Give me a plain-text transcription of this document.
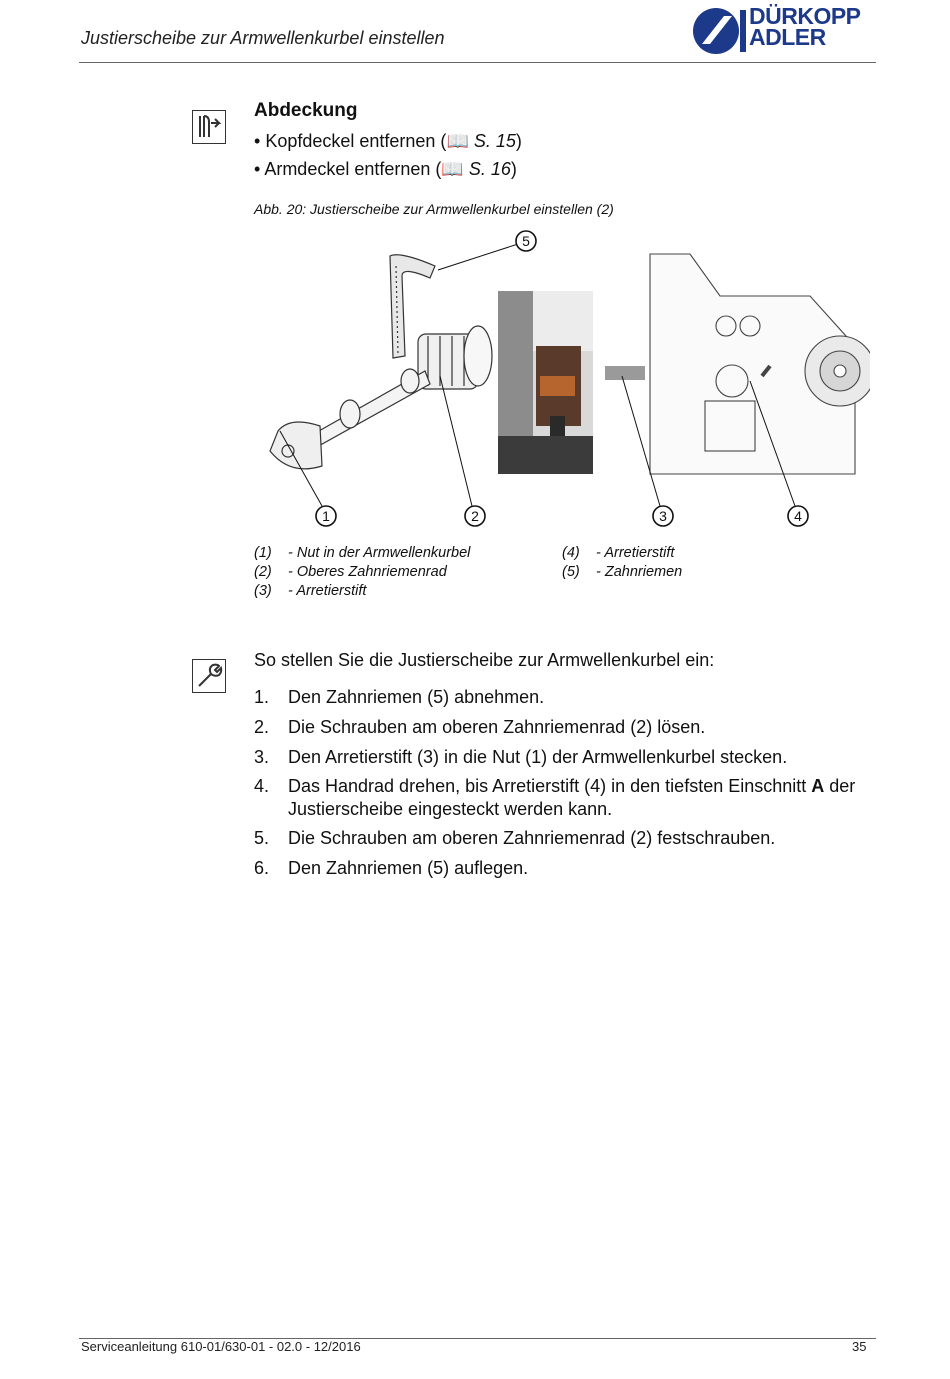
Justierscheibe zur Armwellenkurbel einstellen
DÜRKOPP
ADLER
Abdeckung
• Kopfdeckel entfernen (📖 S. 15)
• Armdeckel entfernen (📖 S. 16)
Abb. 20: Justierscheibe zur Armwellenkurbel einstellen (2)
5
1	2	3	4
(1) - Nut in der Armwellenkurbel
(2) - Oberes Zahnriemenrad
(3) - Arretierstift
(4) - Arretierstift
(5) - Zahnriemen
So stellen Sie die Justierscheibe zur Armwellenkurbel ein:
1. Den Zahnriemen (5) abnehmen.
2. Die Schrauben am oberen Zahnriemenrad (2) lösen.
3. Den Arretierstift (3) in die Nut (1) der Armwellenkurbel stecken.
4. Das Handrad drehen, bis Arretierstift (4) in den tiefsten Einschnitt A der Justierscheibe eingesteckt werden kann.
5. Die Schrauben am oberen Zahnriemenrad (2) festschrauben.
6. Den Zahnriemen (5) auflegen.
Serviceanleitung 610-01/630-01 - 02.0 - 12/2016	35
